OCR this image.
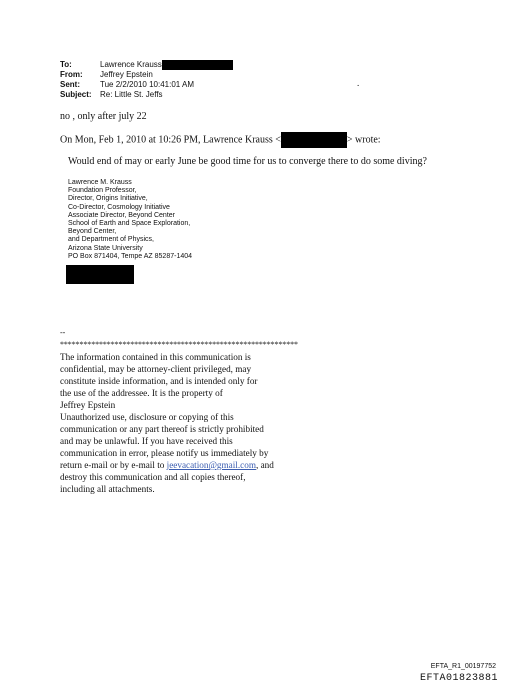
To:	Lawrence Krauss
From:	Jeffrey Epstein
Sent:	Tue 2/2/2010 10:41:01 AM
Subject:	Re: Little St. Jeffs
.
no , only after july 22
On Mon, Feb 1, 2010 at 10:26 PM, Lawrence Krauss <	> wrote:
Would end of may or early June be good time for us to converge there to do some diving?
Lawrence M. Krauss
Foundation Professor,
Director, Origins Initiative,
Co-Director, Cosmology Initiative
Associate Director, Beyond Center
School of Earth and Space Exploration,
Beyond Center,
and Department of Physics,
Arizona State University
PO Box 871404, Tempe AZ 85287-1404
--
*************************************************************
The information contained in this communication is
confidential, may be attorney-client privileged, may
constitute inside information, and is intended only for
the use of the addressee. It is the property of
Jeffrey Epstein
Unauthorized use, disclosure or copying of this
communication or any part thereof is strictly prohibited
and may be unlawful. If you have received this
communication in error, please notify us immediately by
return e-mail or by e-mail to jeevacation@gmail.com, and
destroy this communication and all copies thereof,
including all attachments.
EFTA_R1_00197752
EFTA01823881
